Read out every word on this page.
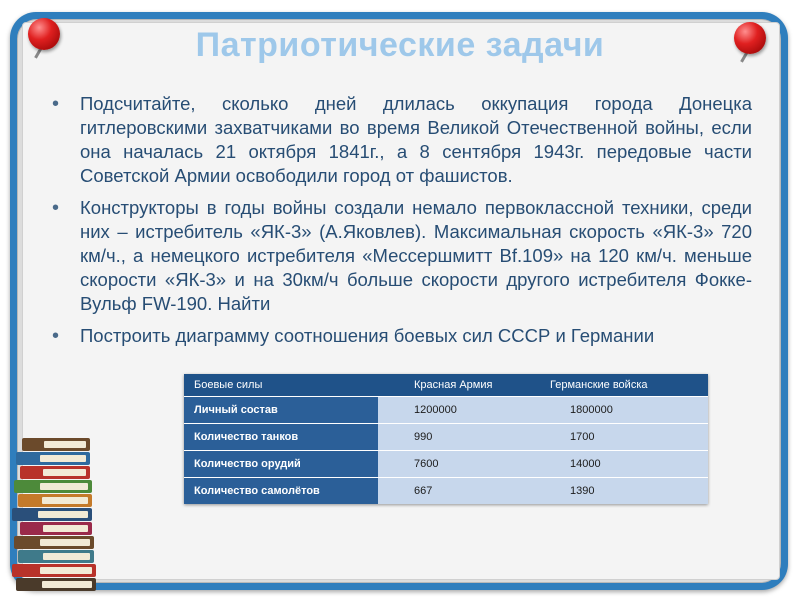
Патриотические задачи
• Подсчитайте, сколько дней длилась оккупация города Донецка гитлеровскими захватчиками во время Великой Отечественной войны, если она началась 21 октября 1841г., а 8 сентября 1943г. передовые части Советской Армии освободили город от фашистов.
• Конструкторы в годы войны создали немало первоклассной техники, среди них – истребитель «ЯК-3» (А.Яковлев). Максимальная скорость «ЯК-3» 720 км/ч., а немецкого истребителя «Мессершмитт Bf.109» на 120 км/ч. меньше скорости «ЯК-3» и на 30км/ч больше скорости другого истребителя Фокке-Вульф FW-190. Найти
• Построить диаграмму соотношения боевых сил СССР и Германии
Боевые силы	Красная Армия	Германские войска
Личный состав	1200000	1800000
Количество танков	990	1700
Количество орудий	7600	14000
Количество самолётов	667	1390
